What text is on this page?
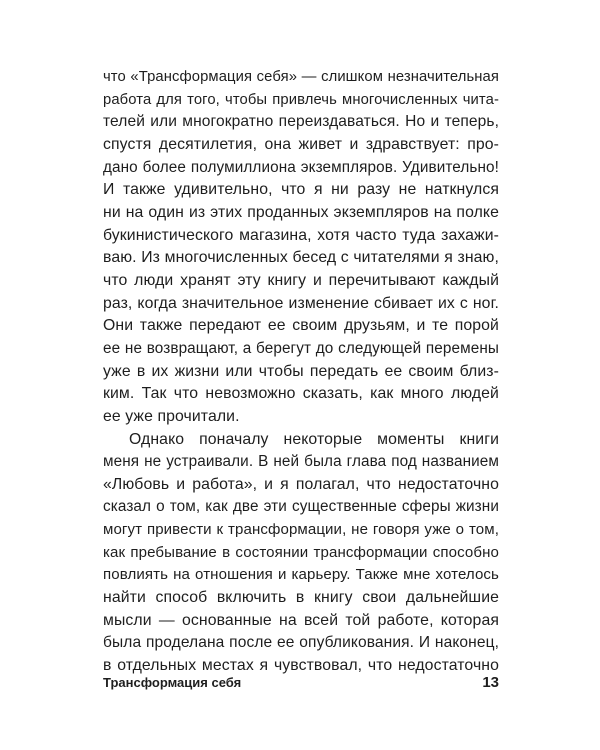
что «Трансформация себя» — слишком незначительная
работа для того, чтобы привлечь многочисленных чита-
телей или многократно переиздаваться. Но и теперь,
спустя десятилетия, она живет и здравствует: про-
дано более полумиллиона экземпляров. Удивительно!
И также удивительно, что я ни разу не наткнулся
ни на один из этих проданных экземпляров на полке
букинистического магазина, хотя часто туда захажи-
ваю. Из многочисленных бесед с читателями я знаю,
что люди хранят эту книгу и перечитывают каждый
раз, когда значительное изменение сбивает их с ног.
Они также передают ее своим друзьям, и те порой
ее не возвращают, а берегут до следующей перемены
уже в их жизни или чтобы передать ее своим близ-
ким. Так что невозможно сказать, как много людей
ее уже прочитали.
Однако поначалу некоторые моменты книги
меня не устраивали. В ней была глава под названием
«Любовь и работа», и я полагал, что недостаточно
сказал о том, как две эти существенные сферы жизни
могут привести к трансформации, не говоря уже о том,
как пребывание в состоянии трансформации способно
повлиять на отношения и карьеру. Также мне хотелось
найти способ включить в книгу свои дальнейшие
мысли — основанные на всей той работе, которая
была проделана после ее опубликования. И наконец,
в отдельных местах я чувствовал, что недостаточно
Трансформация себя	13
